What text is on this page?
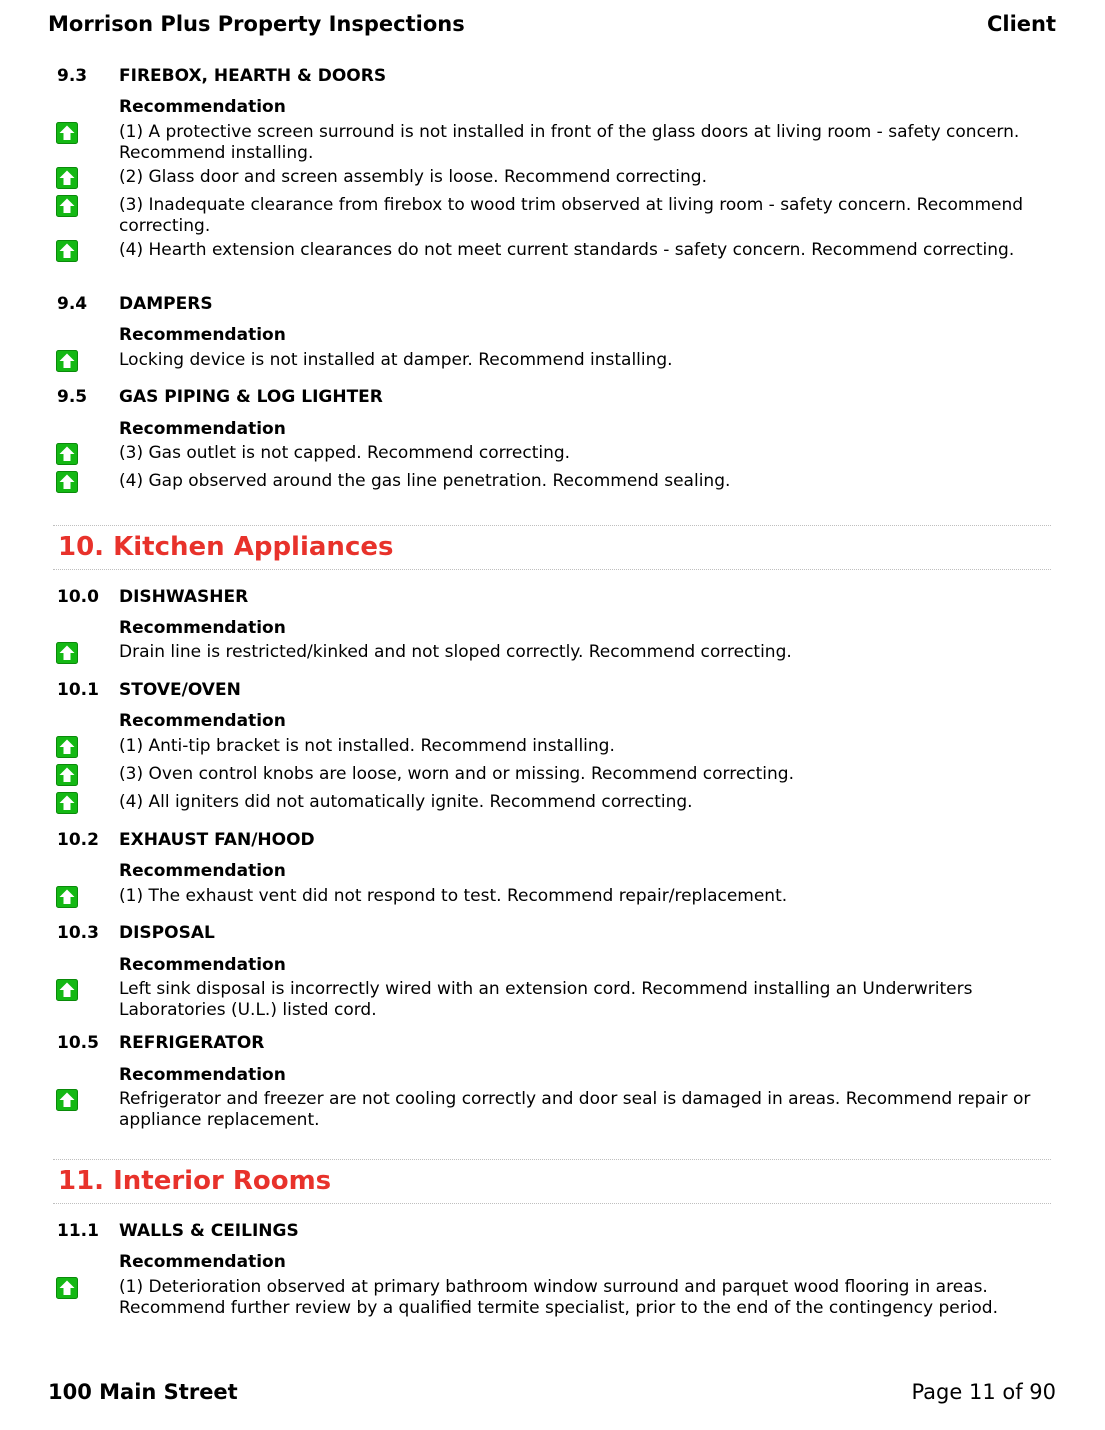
Morrison Plus Property Inspections	Client
9.3 FIREBOX, HEARTH & DOORS
Recommendation
(1) A protective screen surround is not installed in front of the glass doors at living room - safety concern. Recommend installing.
(2) Glass door and screen assembly is loose. Recommend correcting.
(3) Inadequate clearance from firebox to wood trim observed at living room - safety concern. Recommend correcting.
(4) Hearth extension clearances do not meet current standards - safety concern. Recommend correcting.
9.4 DAMPERS
Recommendation
Locking device is not installed at damper. Recommend installing.
9.5 GAS PIPING & LOG LIGHTER
Recommendation
(3) Gas outlet is not capped. Recommend correcting.
(4) Gap observed around the gas line penetration. Recommend sealing.
10. Kitchen Appliances
10.0 DISHWASHER
Recommendation
Drain line is restricted/kinked and not sloped correctly. Recommend correcting.
10.1 STOVE/OVEN
Recommendation
(1) Anti-tip bracket is not installed. Recommend installing.
(3) Oven control knobs are loose, worn and or missing. Recommend correcting.
(4) All igniters did not automatically ignite. Recommend correcting.
10.2 EXHAUST FAN/HOOD
Recommendation
(1) The exhaust vent did not respond to test. Recommend repair/replacement.
10.3 DISPOSAL
Recommendation
Left sink disposal is incorrectly wired with an extension cord. Recommend installing an Underwriters Laboratories (U.L.) listed cord.
10.5 REFRIGERATOR
Recommendation
Refrigerator and freezer are not cooling correctly and door seal is damaged in areas. Recommend repair or appliance replacement.
11. Interior Rooms
11.1 WALLS & CEILINGS
Recommendation
(1) Deterioration observed at primary bathroom window surround and parquet wood flooring in areas. Recommend further review by a qualified termite specialist, prior to the end of the contingency period.
100 Main Street	Page 11 of 90
